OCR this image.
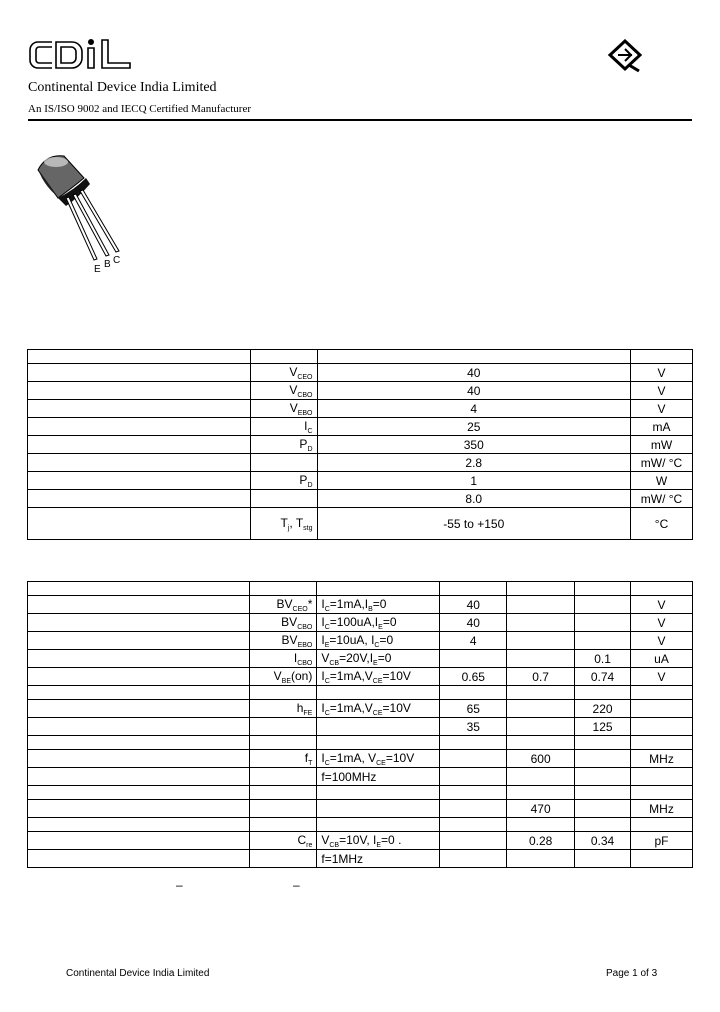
Continental Device India Limited
An IS/ISO 9002 and IECQ Certified Manufacturer
E B C

	$V_{CEO}$	40	V
	$V_{CBO}$	40	V
	$V_{EBO}$	4	V
	$I_C$	25	mA
	$P_D$	350	mW
		2.8	mW/ °C
	$P_D$	1	W
		8.0	mW/ °C
	$T_j$, $T_{stg}$	-55 to +150	°C

	$BV_{CEO}*$	$I_C=1mA,I_B=0$	40			V
	$BV_{CBO}$	$I_C=100uA,I_E=0$	40			V
	$BV_{EBO}$	$I_E=10uA$, $I_C=0$	4			V
	$I_{CBO}$	$V_{CB}=20V,I_E=0$			0.1	uA
	$V_{BE}(on)$	$I_C=1mA,V_{CE}=10V$	0.65	0.7	0.74	V

	$h_{FE}$	$I_C=1mA,V_{CE}=10V$	65		220	
			35		125	

	$f_T$	$I_C=1mA$, $V_{CE}=10V$		600		MHz
		f=100MHz				

				470		MHz

	$C_{re}$	$V_{CB}=10V$, $I_E=0$ .		0.28	0.34	pF
		f=1MHz				
–	–
Continental Device India Limited	Page 1 of 3
